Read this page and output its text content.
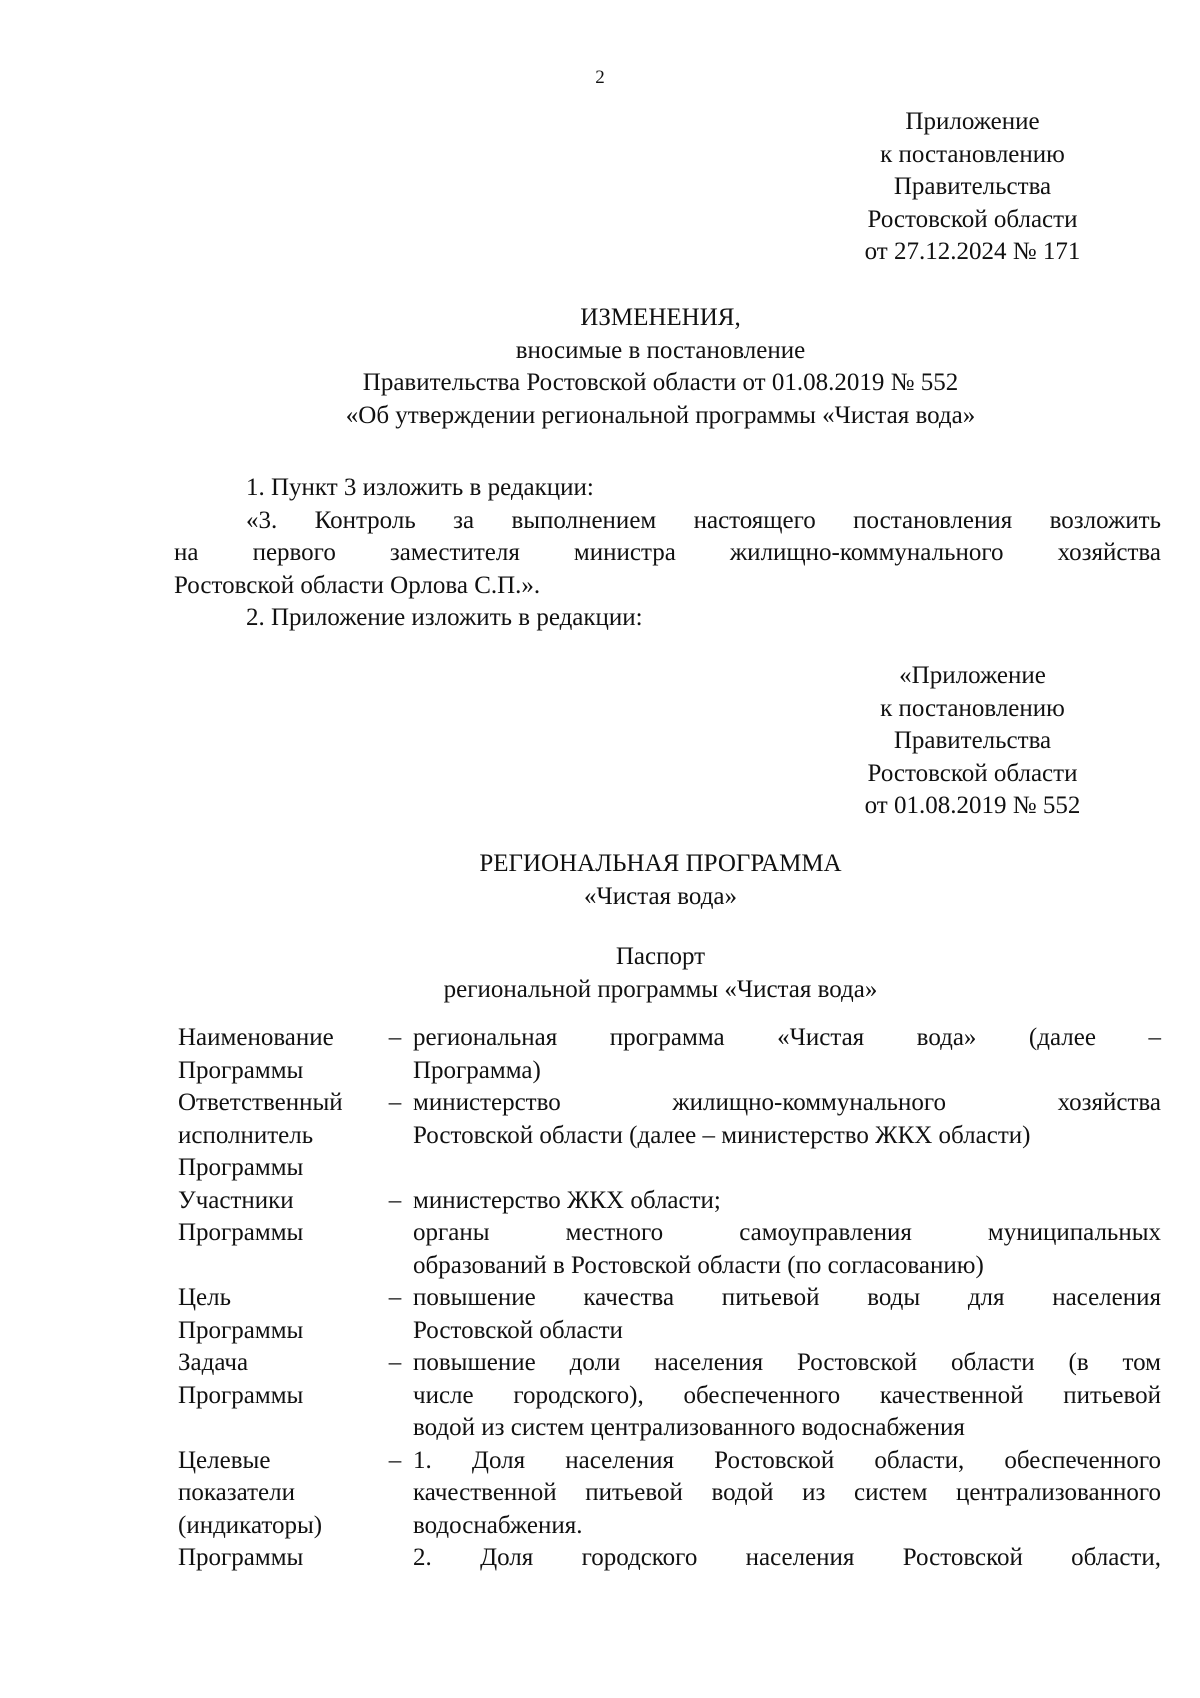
2
Приложение
к постановлению
Правительства
Ростовской области
от 27.12.2024 № 171
ИЗМЕНЕНИЯ,
вносимые в постановление
Правительства Ростовской области от 01.08.2019 № 552
«Об утверждении региональной программы «Чистая вода»

1. Пункт 3 изложить в редакции:

«3. Контроль за выполнением настоящего постановления возложить

на первого заместителя министра жилищно-коммунального хозяйства

Ростовской области Орлова С.П.».

2. Приложение изложить в редакции:

«Приложение
к постановлению
Правительства
Ростовской области
от 01.08.2019 № 552
РЕГИОНАЛЬНАЯ ПРОГРАММА
«Чистая вода»
Паспорт
региональной программы «Чистая вода»
Наименование
Программы
– региональная программа «Чистая вода» (далее –
Программа)
Ответственный
исполнитель
Программы
– министерство жилищно-коммунального хозяйства
Ростовской области (далее – министерство ЖКХ области)
Участники
Программы
– министерство ЖКХ области;
органы местного самоуправления муниципальных
образований в Ростовской области (по согласованию)
Цель
Программы
– повышение качества питьевой воды для населения
Ростовской области
Задача
Программы
– повышение доли населения Ростовской области (в том
числе городского), обеспеченного качественной питьевой
водой из систем централизованного водоснабжения
Целевые
показатели
(индикаторы)
Программы
– 1. Доля населения Ростовской области, обеспеченного
качественной питьевой водой из систем централизованного
водоснабжения.
2. Доля городского населения Ростовской области,
